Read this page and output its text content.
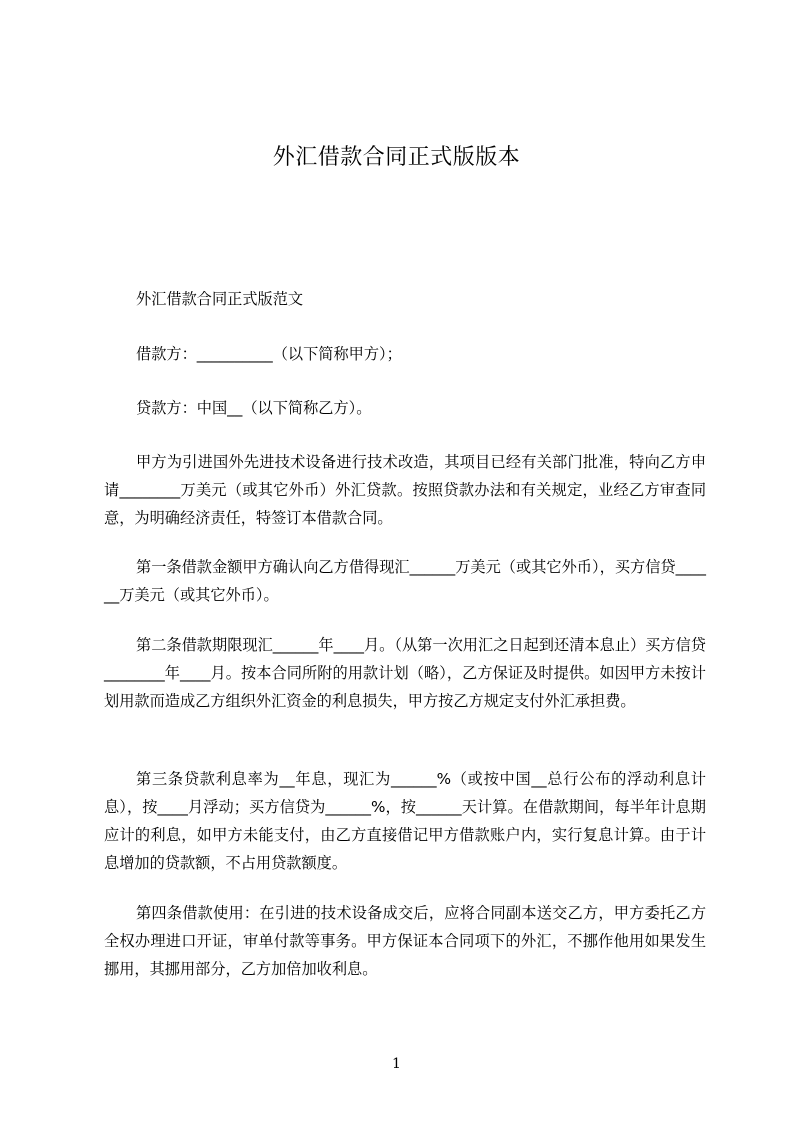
外汇借款合同正式版版本
外汇借款合同正式版范文
借款方：__________（以下简称甲方）；
贷款方：中国__（以下简称乙方）。
甲方为引进国外先进技术设备进行技术改造，其项目已经有关部门批准，特向乙方申请________万美元（或其它外币）外汇贷款。按照贷款办法和有关规定，业经乙方审查同意，为明确经济责任，特签订本借款合同。
第一条借款金额甲方确认向乙方借得现汇______万美元（或其它外币），买方信贷______万美元（或其它外币）。
第二条借款期限现汇______年____月。（从第一次用汇之日起到还清本息止）买方信贷________年____月。按本合同所附的用款计划（略），乙方保证及时提供。如因甲方未按计划用款而造成乙方组织外汇资金的利息损失，甲方按乙方规定支付外汇承担费。
第三条贷款利息率为__年息，现汇为______%（或按中国__总行公布的浮动利息计息），按____月浮动；买方信贷为______%，按______天计算。在借款期间，每半年计息期应计的利息，如甲方未能支付，由乙方直接借记甲方借款账户内，实行复息计算。由于计息增加的贷款额，不占用贷款额度。
第四条借款使用：在引进的技术设备成交后，应将合同副本送交乙方，甲方委托乙方全权办理进口开证，审单付款等事务。甲方保证本合同项下的外汇，不挪作他用如果发生挪用，其挪用部分，乙方加倍加收利息。
1
